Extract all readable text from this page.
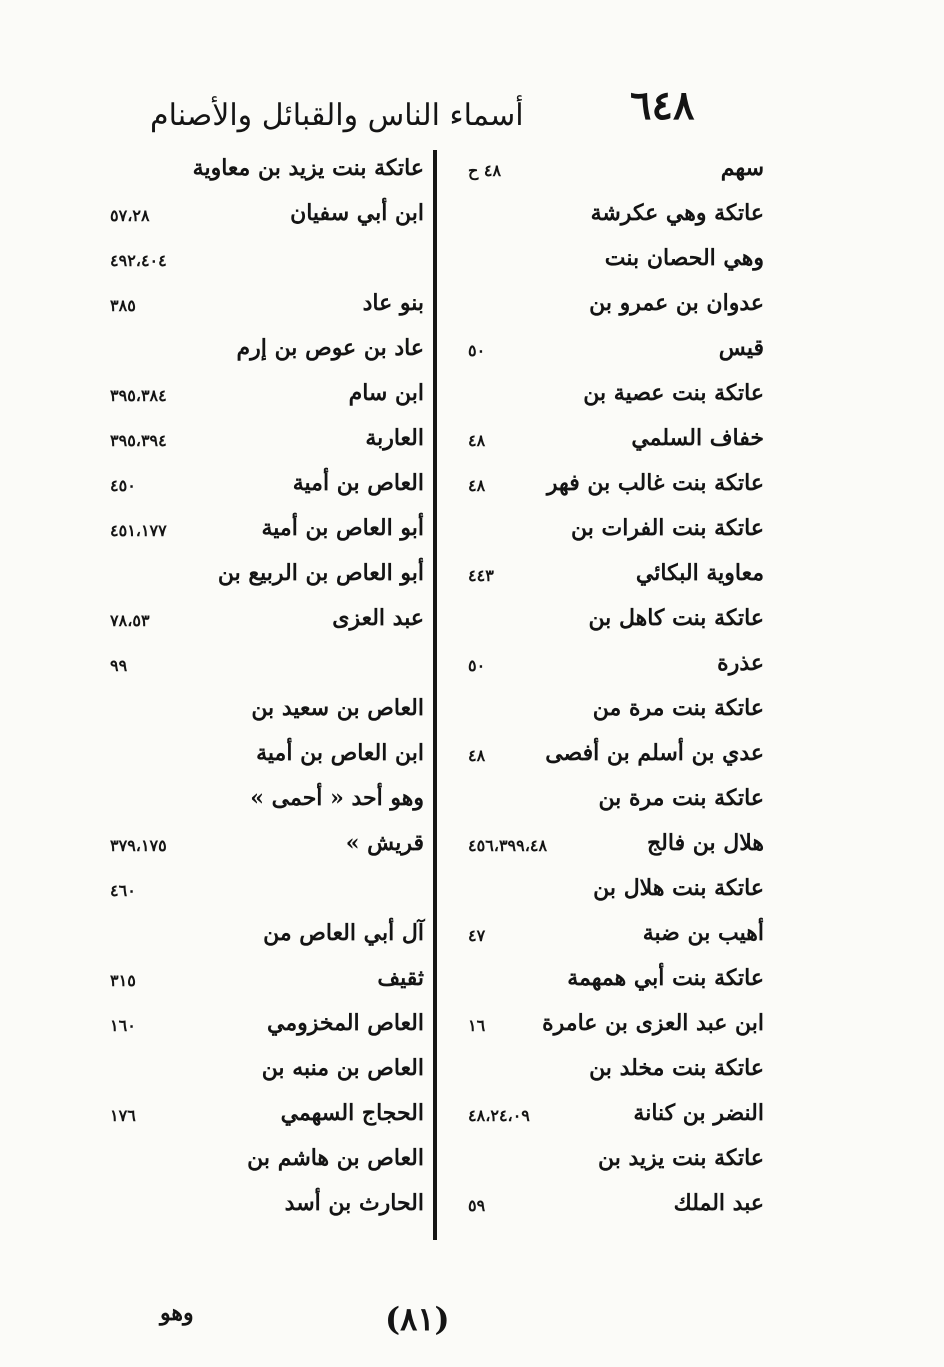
٦٤٨
أسماء الناس والقبائل والأصنام
سهم
٤٨ ح
عاتكة وهي عكرشة
وهي الحصان بنت
عدوان بن عمرو بن
قيس
٥٠
عاتكة بنت عصية بن
خفاف السلمي
٤٨
عاتكة بنت غالب بن فهر
٤٨
عاتكة بنت الفرات بن
معاوية البكائي
٤٤٣
عاتكة بنت كاهل بن
عذرة
٥٠
عاتكة بنت مرة من
عدي بن أسلم بن أفصى
٤٨
عاتكة بنت مرة بن
هلال بن فالج
٤٥٦،٣٩٩،٤٨
عاتكة بنت هلال بن
أهيب بن ضبة
٤٧
عاتكة بنت أبي همهمة
ابن عبد العزى بن عامرة
١٦
عاتكة بنت مخلد بن
النضر بن كنانة
٤٨،٢٤،٠٩
عاتكة بنت يزيد بن
عبد الملك
٥٩
عاتكة بنت يزيد بن معاوية
ابن أبي سفيان
٥٧،٢٨
٤٩٢،٤٠٤
بنو عاد
٣٨٥
عاد بن عوص بن إرم
ابن سام
٣٩٥،٣٨٤
العاربة
٣٩٥،٣٩٤
العاص بن أمية
٤٥٠
أبو العاص بن أمية
٤٥١،١٧٧
أبو العاص بن الربيع بن
عبد العزى
٧٨،٥٣
٩٩
العاص بن سعيد بن
ابن العاص بن أمية
وهو أحد « أحمى »
قريش »
٣٧٩،١٧٥
٤٦٠
آل أبي العاص من
ثقيف
٣١٥
العاص المخزومي
١٦٠
العاص بن منبه بن
الحجاج السهمي
١٧٦
العاص بن هاشم بن
الحارث بن أسد
(٨١)
وهو
